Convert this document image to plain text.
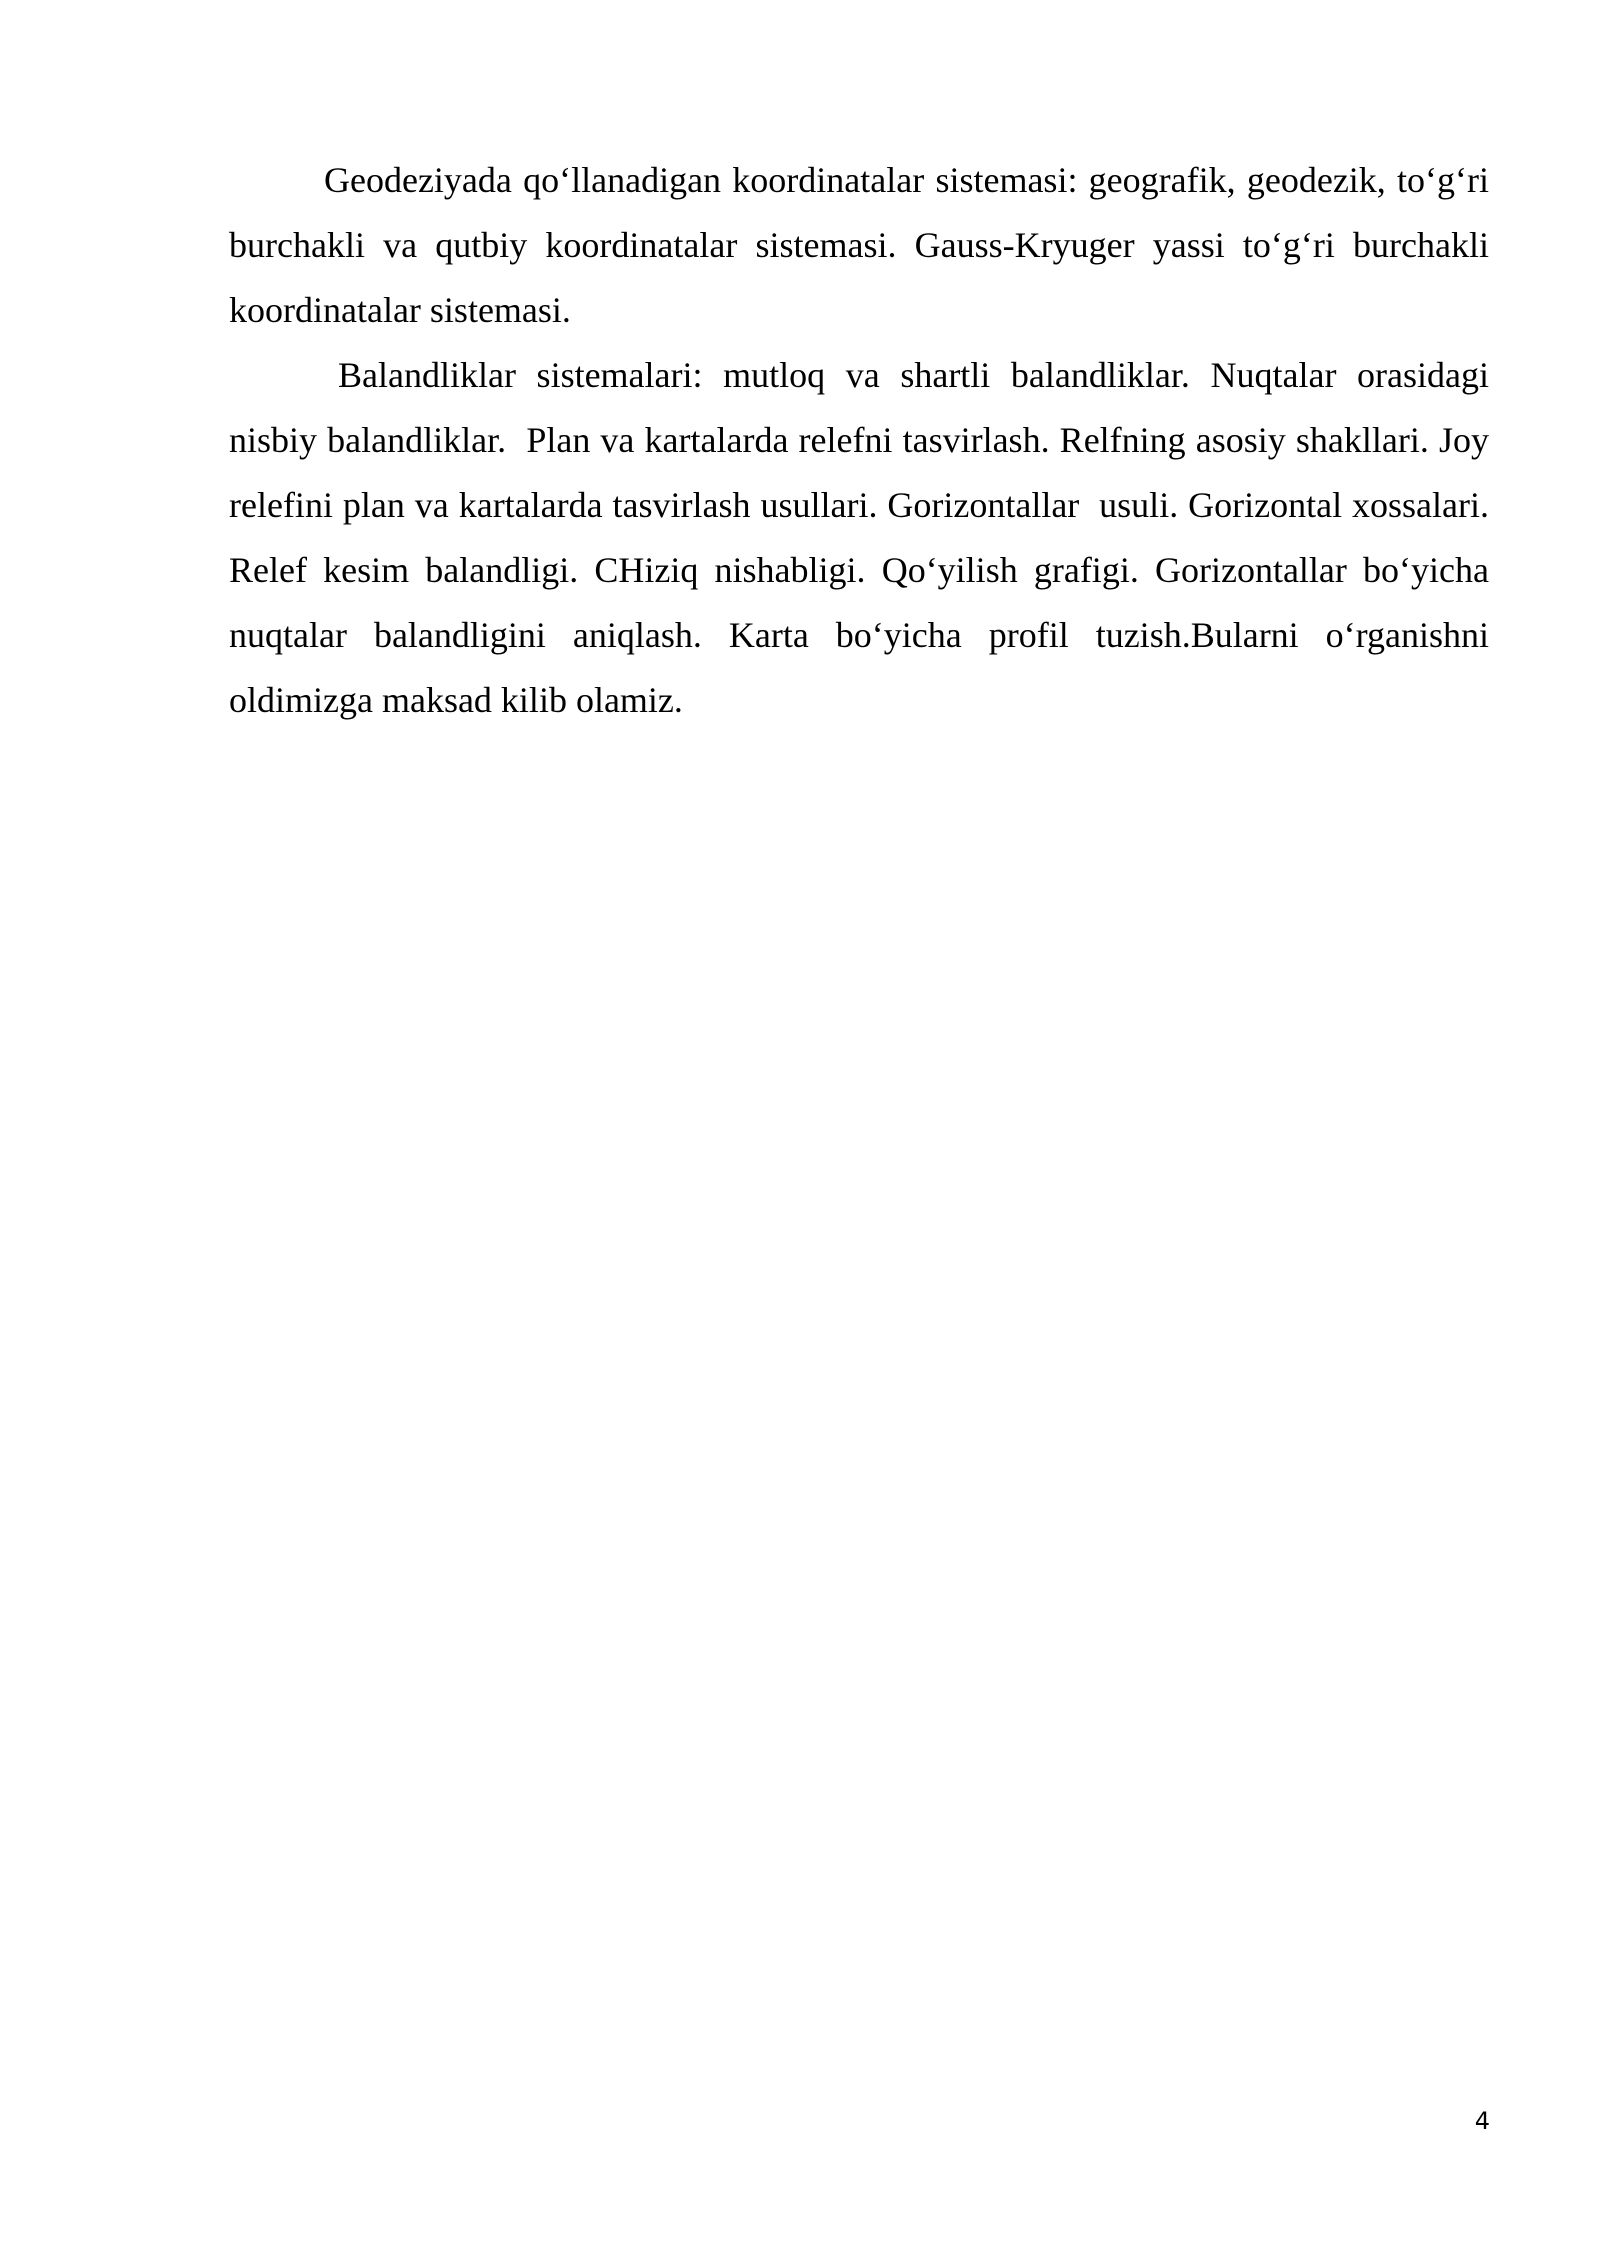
Geodeziyada qo‘llanadigan koordinatalar sistemasi: geografik, geodezik, to‘g‘ri burchakli va qutbiy koordinatalar sistemasi. Gauss-Kryuger yassi to‘g‘ri burchakli koordinatalar sistemasi.

Balandliklar sistemalari: mutloq va shartli balandliklar. Nuqtalar orasidagi nisbiy balandliklar.  Plan va kartalarda relefni tasvirlash. Relfning asosiy shakllari. Joy relefini plan va kartalarda tasvirlash usullari. Gorizontallar  usuli. Gorizontal xossalari.   Relef kesim balandligi. CHiziq nishabligi. Qo‘yilish grafigi. Gorizontallar bo‘yicha nuqtalar balandligini aniqlash. Karta bo‘yicha profil tuzish.Bularni o‘rganishni oldimizga maksad kilib olamiz.

4
